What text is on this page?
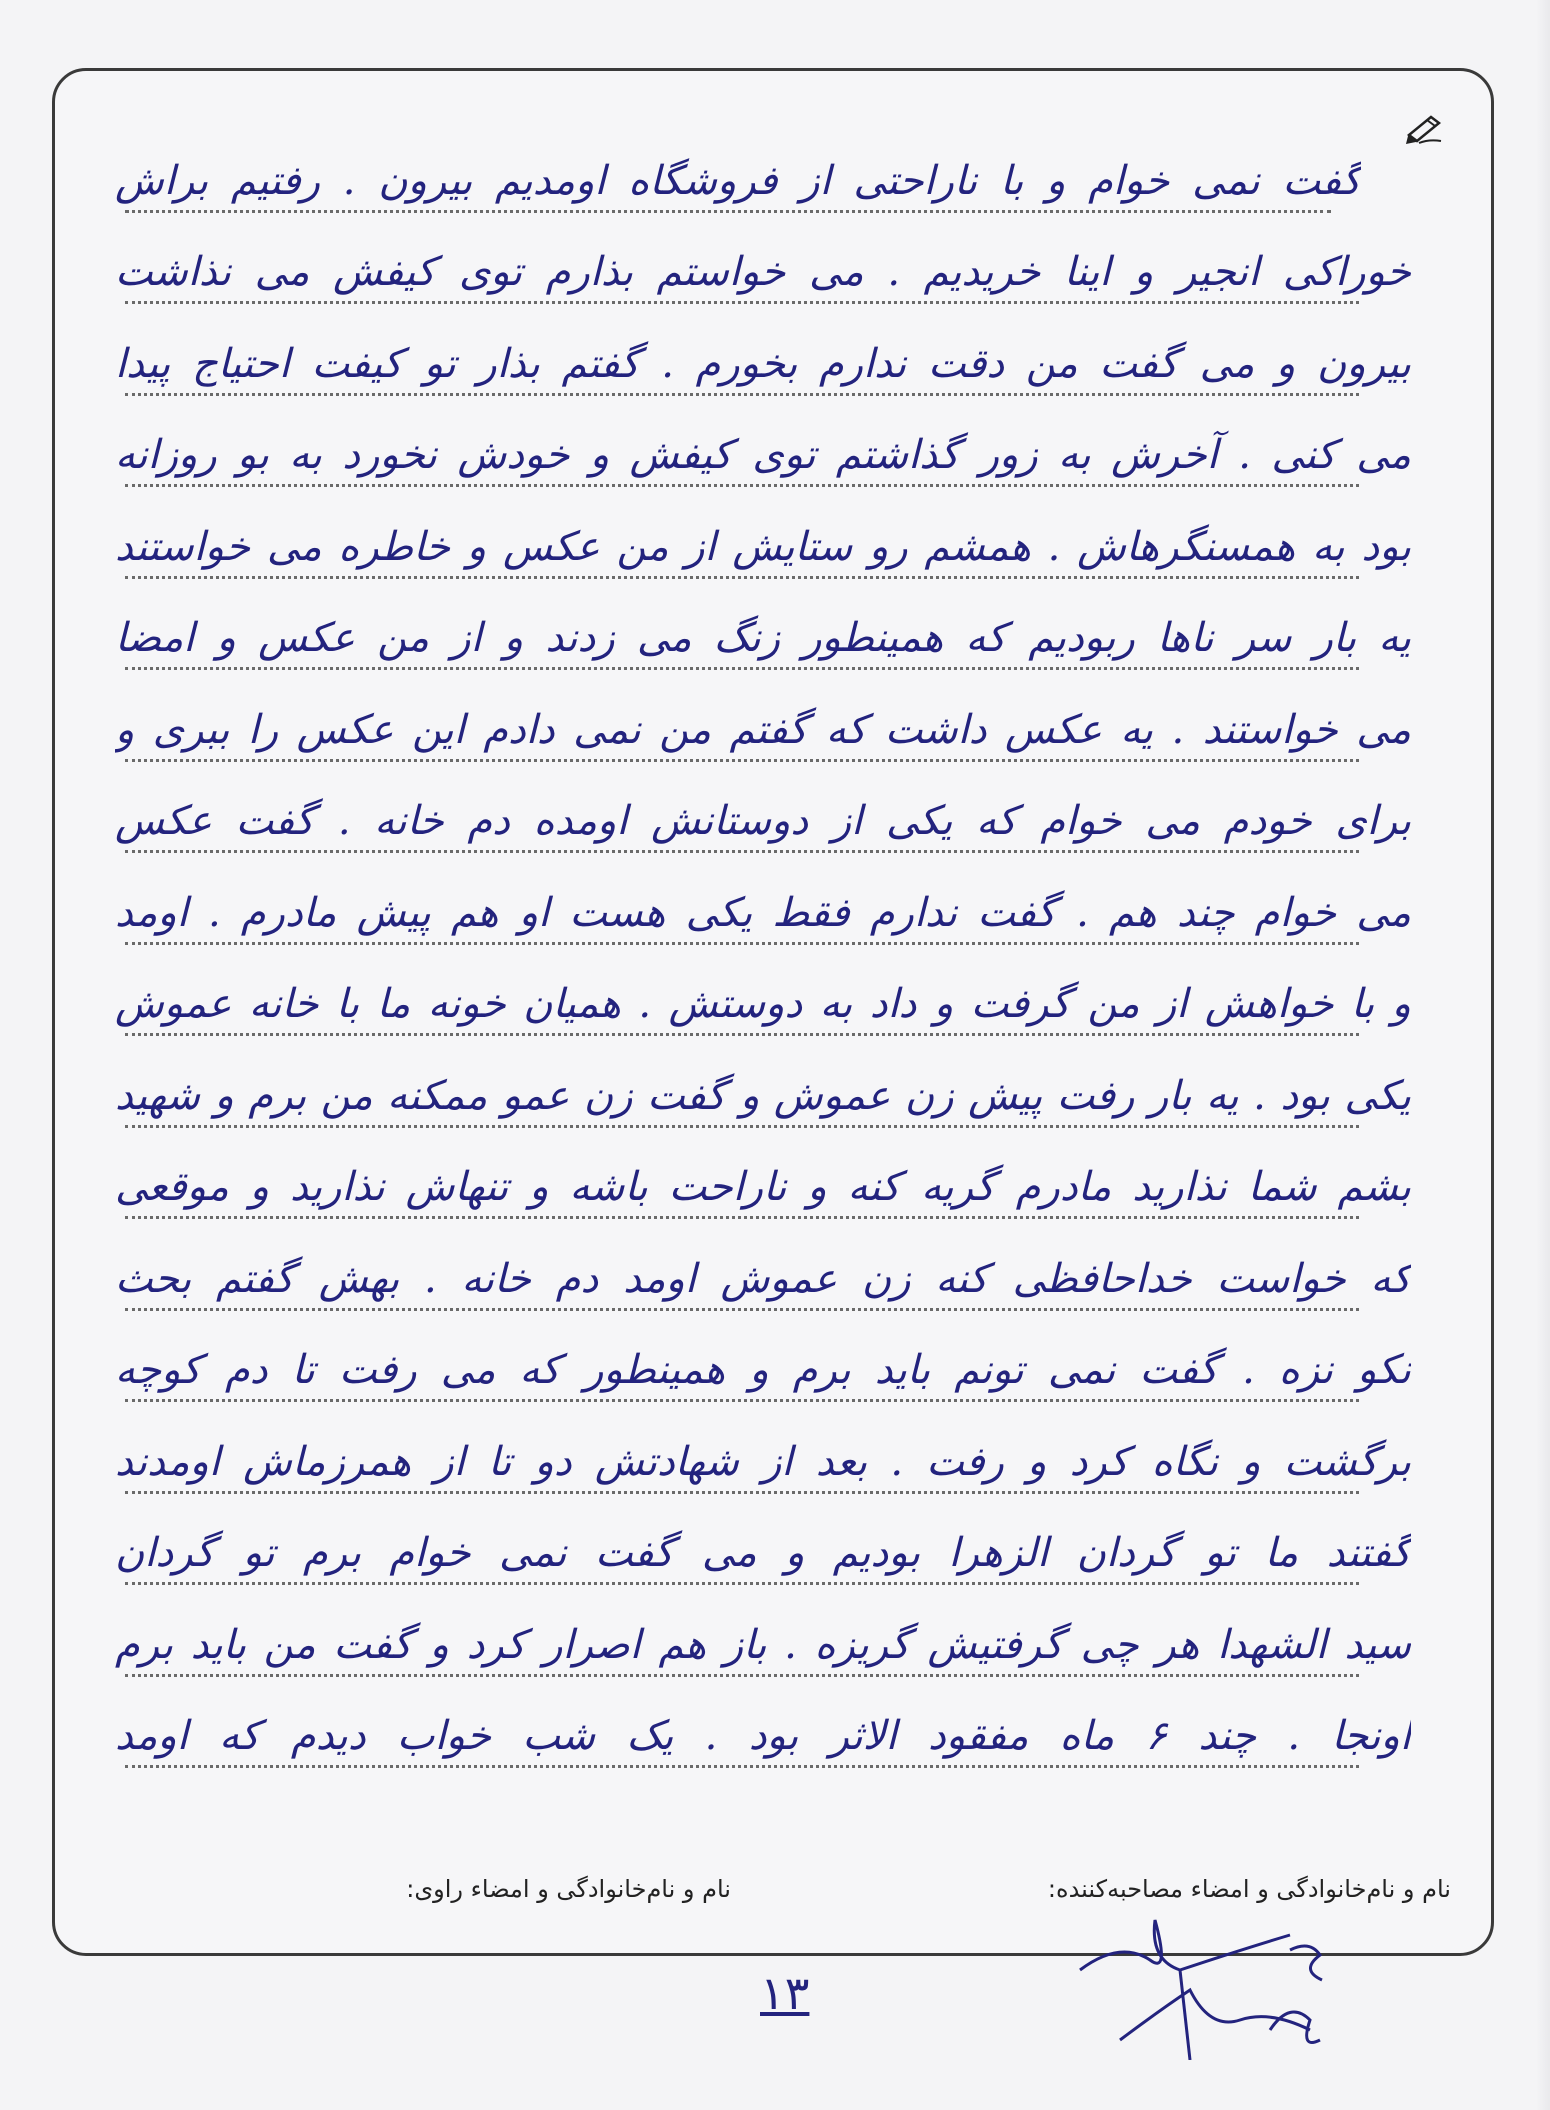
گفت نمی خوام و با ناراحتی از فروشگاه اومدیم بیرون . رفتیم براش
خوراکی انجیر و اینا خریدیم . می خواستم بذارم توی کیفش می نذاشت
بیرون و می گفت من دقت ندارم بخورم . گفتم بذار تو کیفت احتیاج پیدا
می کنی . آخرش به زور گذاشتم توی کیفش و خودش نخورد به بو روزانه
بود به همسنگرهاش . همشم رو ستایش از من عکس و خاطره می خواستند
یه بار سر ناها ربودیم که همینطور زنگ می زدند و از من عکس و امضا
می خواستند . یه عکس داشت که گفتم من نمی دادم این عکس را ببری و
برای خودم می خوام که یکی از دوستانش اومده دم خانه . گفت عکس
می خوام چند هم . گفت ندارم فقط یکی هست او هم پیش مادرم . اومد
و با خواهش از من گرفت و داد به دوستش . همیان خونه ما با خانه عموش
یکی بود . یه بار رفت پیش زن عموش و گفت زن عمو ممکنه من برم و شهید
بشم شما نذارید مادرم گریه کنه و ناراحت باشه و تنهاش نذارید و موقعی
که خواست خداحافظی کنه زن عموش اومد دم خانه . بهش گفتم بحث
نکو نزه . گفت نمی تونم باید برم و همینطور که می رفت تا دم کوچه
برگشت و نگاه کرد و رفت . بعد از شهادتش دو تا از همرزماش اومدند
گفتند ما تو گردان الزهرا بودیم و می گفت نمی خوام برم تو گردان
سید الشهدا هر چی گرفتیش گریزه . باز هم اصرار کرد و گفت من باید برم
اونجا . چند ۶ ماه مفقود الاثر بود . یک شب خواب دیدم که اومد
نام و نام‌خانوادگی و امضاء مصاحبه‌کننده:
نام و نام‌خانوادگی و امضاء راوی:
۱۳
